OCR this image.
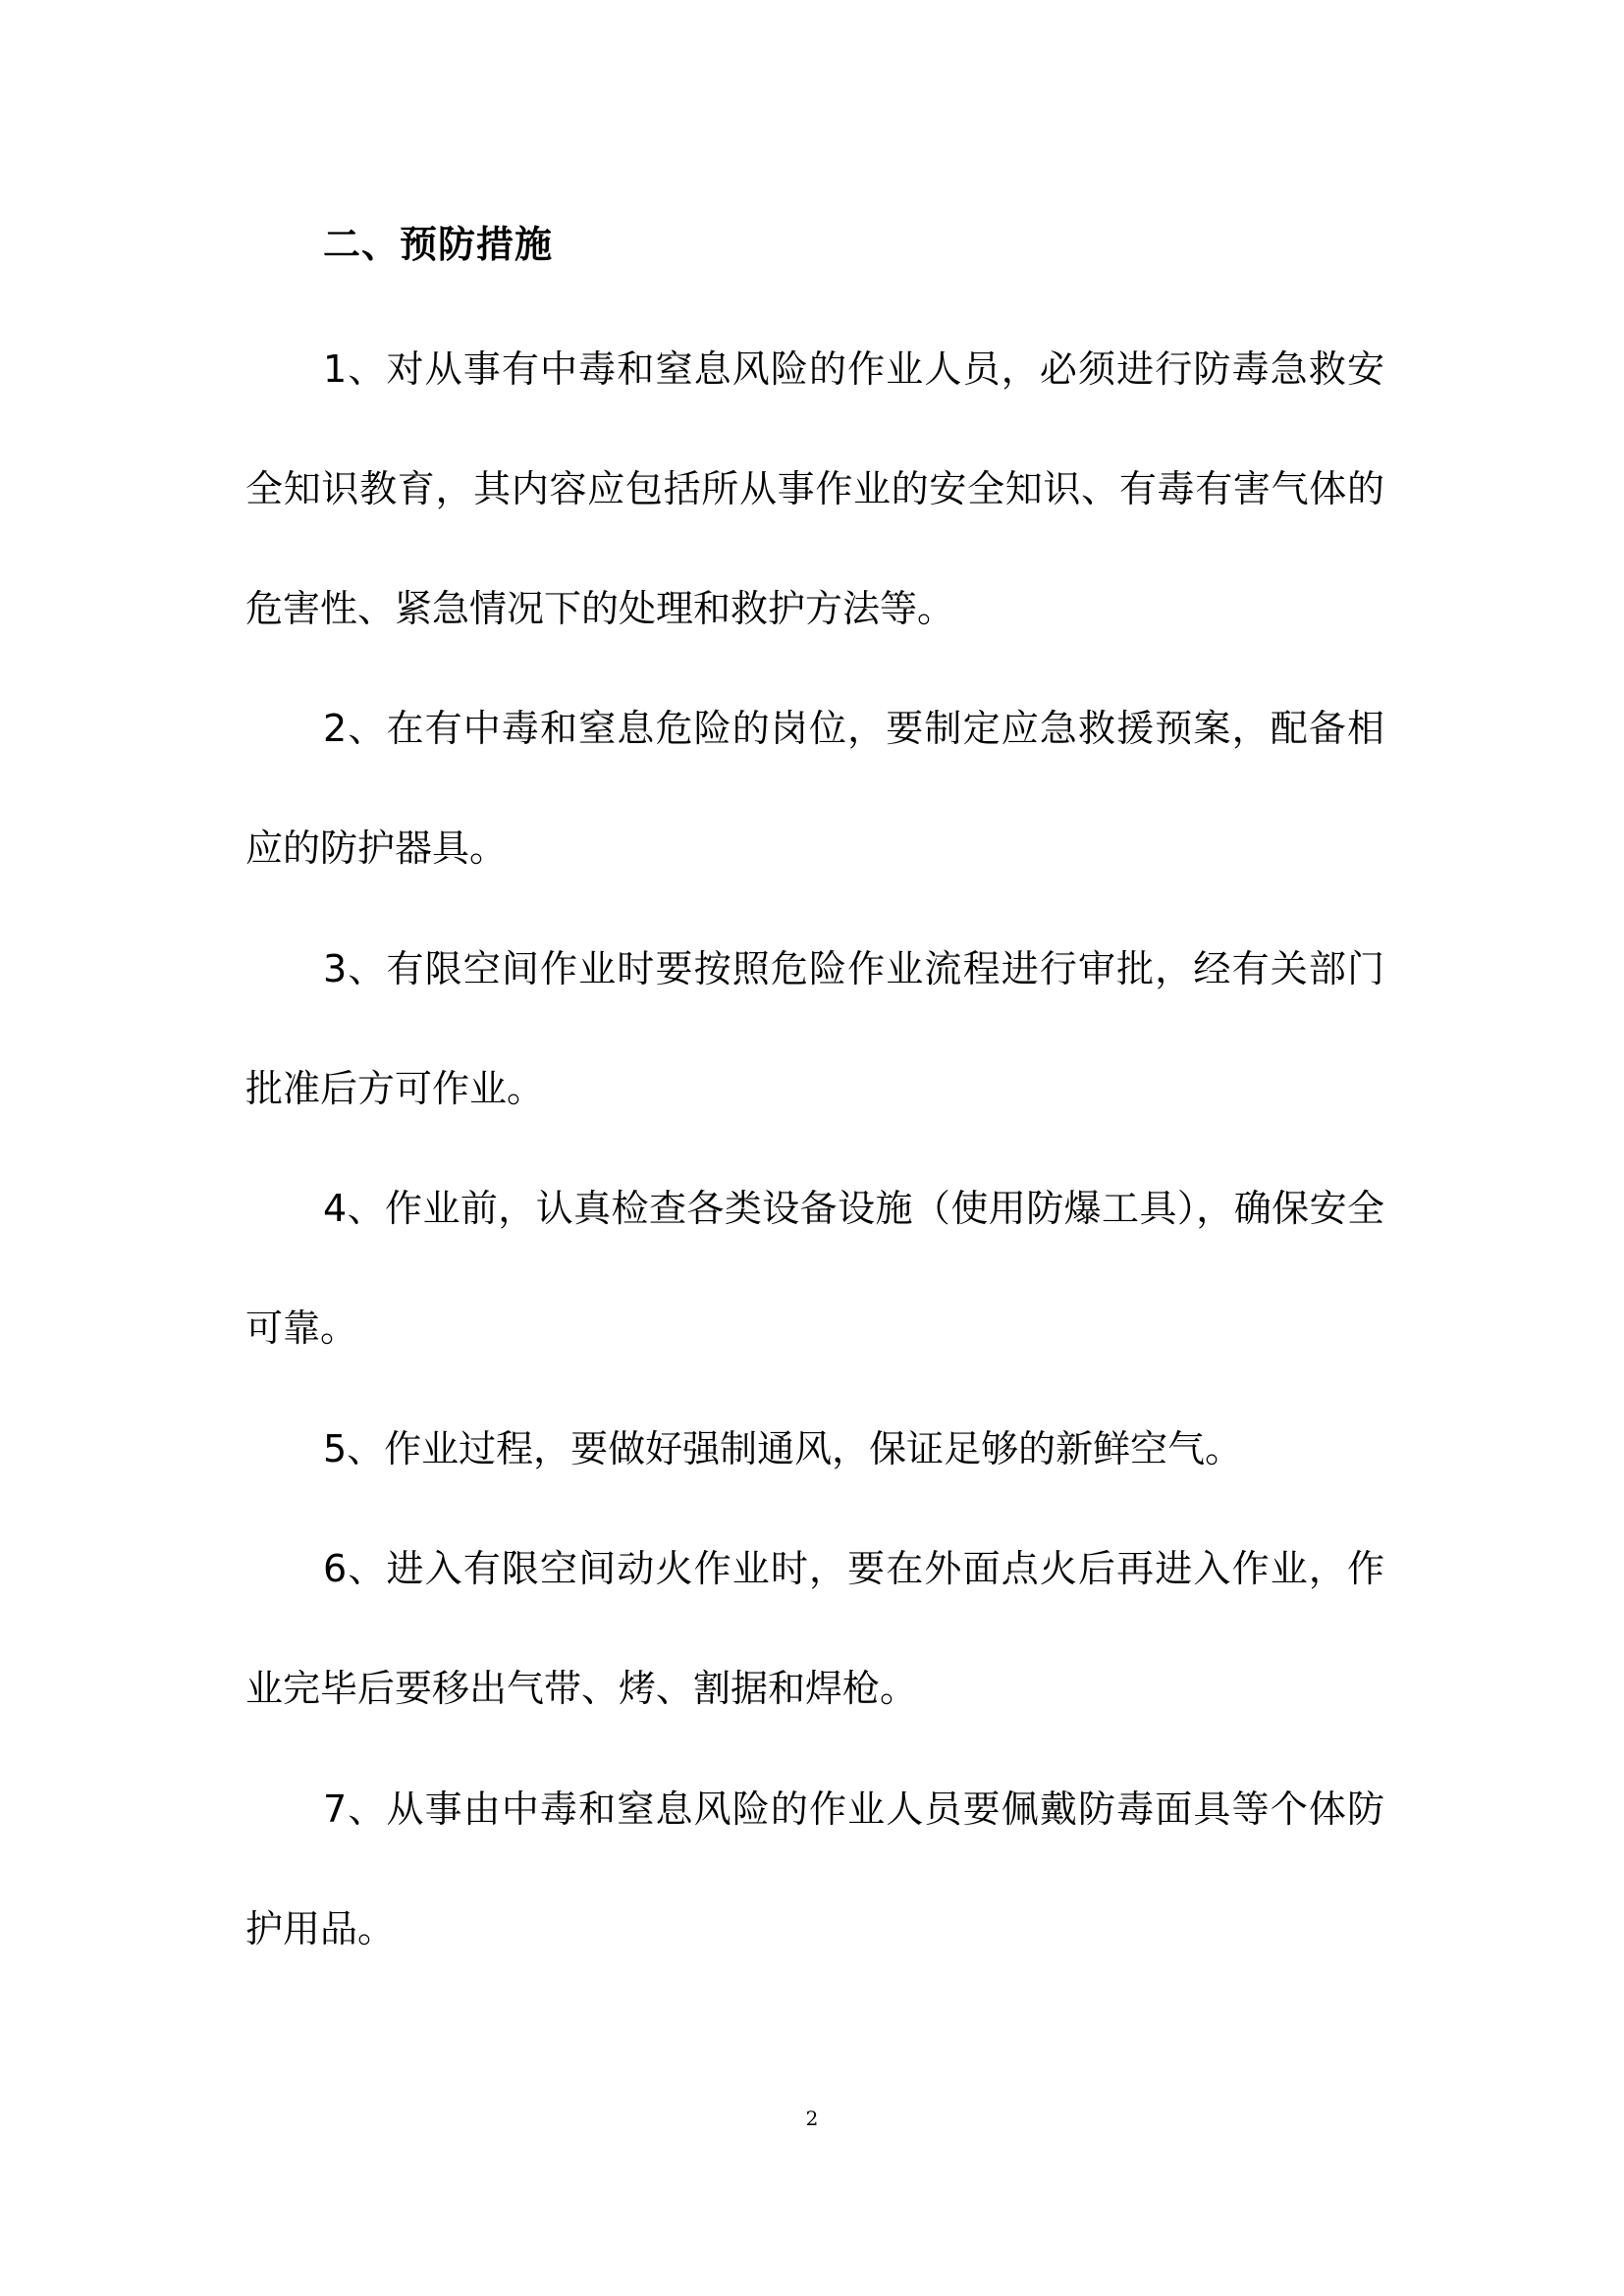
二、预防措施

1、对从事有中毒和窒息风险的作业人员，必须进行防毒急救安全知识教育，其内容应包括所从事作业的安全知识、有毒有害气体的危害性、紧急情况下的处理和救护方法等。

2、在有中毒和窒息危险的岗位，要制定应急救援预案，配备相应的防护器具。

3、有限空间作业时要按照危险作业流程进行审批，经有关部门批准后方可作业。

4、作业前，认真检查各类设备设施（使用防爆工具），确保安全可靠。

5、作业过程，要做好强制通风，保证足够的新鲜空气。

6、进入有限空间动火作业时，要在外面点火后再进入作业，作业完毕后要移出气带、烤、割据和焊枪。

7、从事由中毒和窒息风险的作业人员要佩戴防毒面具等个体防护用品。

2
